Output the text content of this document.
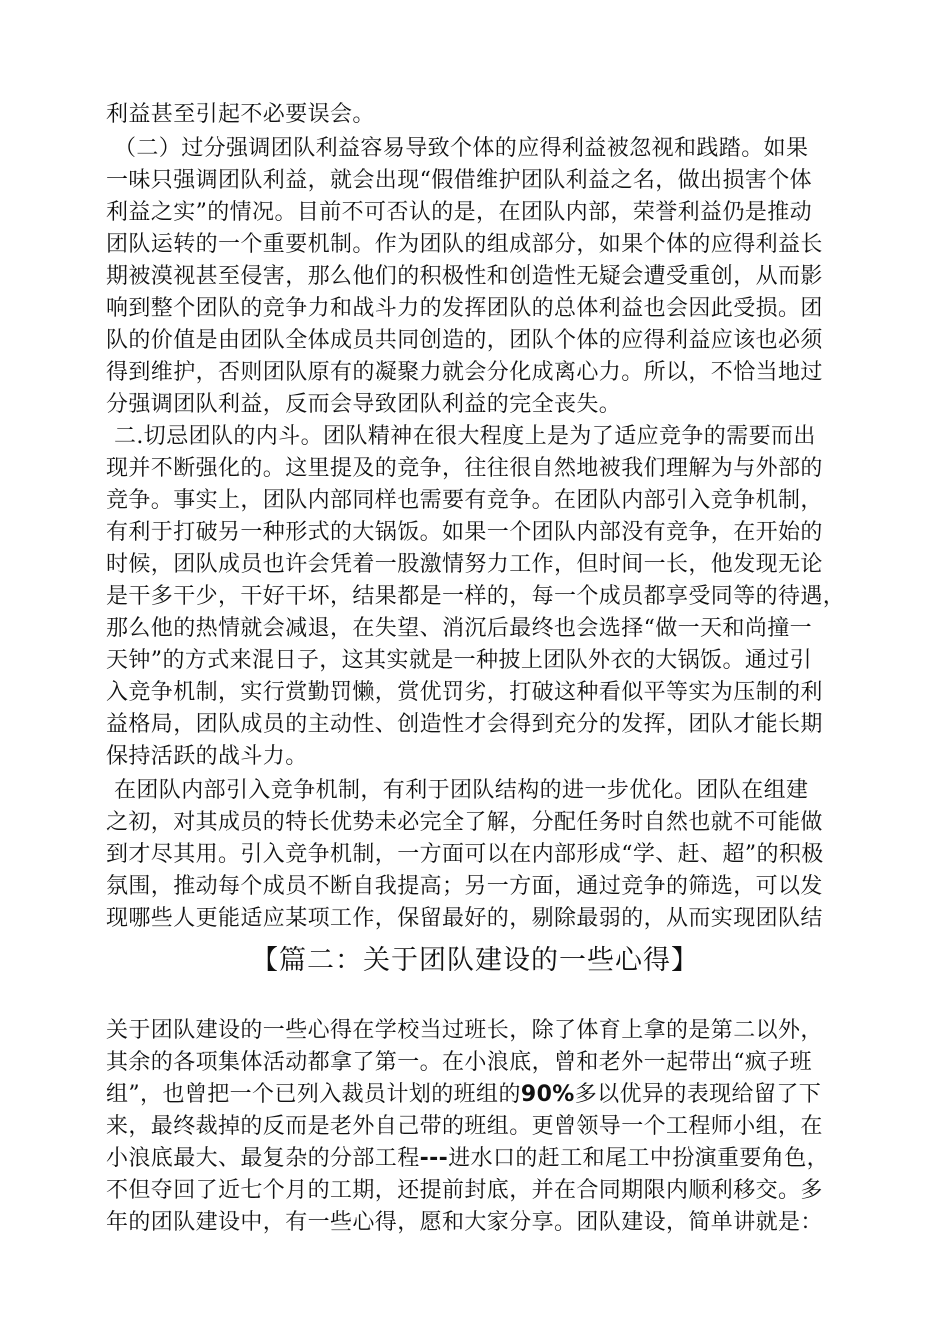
利益甚至引起不必要误会。

（二）过分强调团队利益容易导致个体的应得利益被忽视和践踏。如果

一味只强调团队利益，就会出现“假借维护团队利益之名，做出损害个体

利益之实”的情况。目前不可否认的是，在团队内部，荣誉利益仍是推动

团队运转的一个重要机制。作为团队的组成部分，如果个体的应得利益长

期被漠视甚至侵害，那么他们的积极性和创造性无疑会遭受重创，从而影

响到整个团队的竞争力和战斗力的发挥团队的总体利益也会因此受损。团

队的价值是由团队全体成员共同创造的，团队个体的应得利益应该也必须

得到维护，否则团队原有的凝聚力就会分化成离心力。所以，不恰当地过

分强调团队利益，反而会导致团队利益的完全丧失。

二.切忌团队的内斗。团队精神在很大程度上是为了适应竞争的需要而出

现并不断强化的。这里提及的竞争，往往很自然地被我们理解为与外部的

竞争。事实上，团队内部同样也需要有竞争。在团队内部引入竞争机制，

有利于打破另一种形式的大锅饭。如果一个团队内部没有竞争，在开始的

时候，团队成员也许会凭着一股激情努力工作，但时间一长，他发现无论

是干多干少，干好干坏，结果都是一样的，每一个成员都享受同等的待遇，

那么他的热情就会减退，在失望、消沉后最终也会选择“做一天和尚撞一

天钟”的方式来混日子，这其实就是一种披上团队外衣的大锅饭。通过引

入竞争机制，实行赏勤罚懒，赏优罚劣，打破这种看似平等实为压制的利

益格局，团队成员的主动性、创造性才会得到充分的发挥，团队才能长期

保持活跃的战斗力。

在团队内部引入竞争机制，有利于团队结构的进一步优化。团队在组建

之初，对其成员的特长优势未必完全了解，分配任务时自然也就不可能做

到才尽其用。引入竞争机制，一方面可以在内部形成“学、赶、超”的积极

氛围，推动每个成员不断自我提高；另一方面，通过竞争的筛选，可以发

现哪些人更能适应某项工作，保留最好的，剔除最弱的，从而实现团队结

【篇二：关于团队建设的一些心得】

关于团队建设的一些心得在学校当过班长，除了体育上拿的是第二以外，

其余的各项集体活动都拿了第一。在小浪底，曾和老外一起带出“疯子班

组”，也曾把一个已列入裁员计划的班组的90%多以优异的表现给留了下

来，最终裁掉的反而是老外自己带的班组。更曾领导一个工程师小组，在

小浪底最大、最复杂的分部工程---进水口的赶工和尾工中扮演重要角色，

不但夺回了近七个月的工期，还提前封底，并在合同期限内顺利移交。多

年的团队建设中，有一些心得，愿和大家分享。团队建设，简单讲就是：
